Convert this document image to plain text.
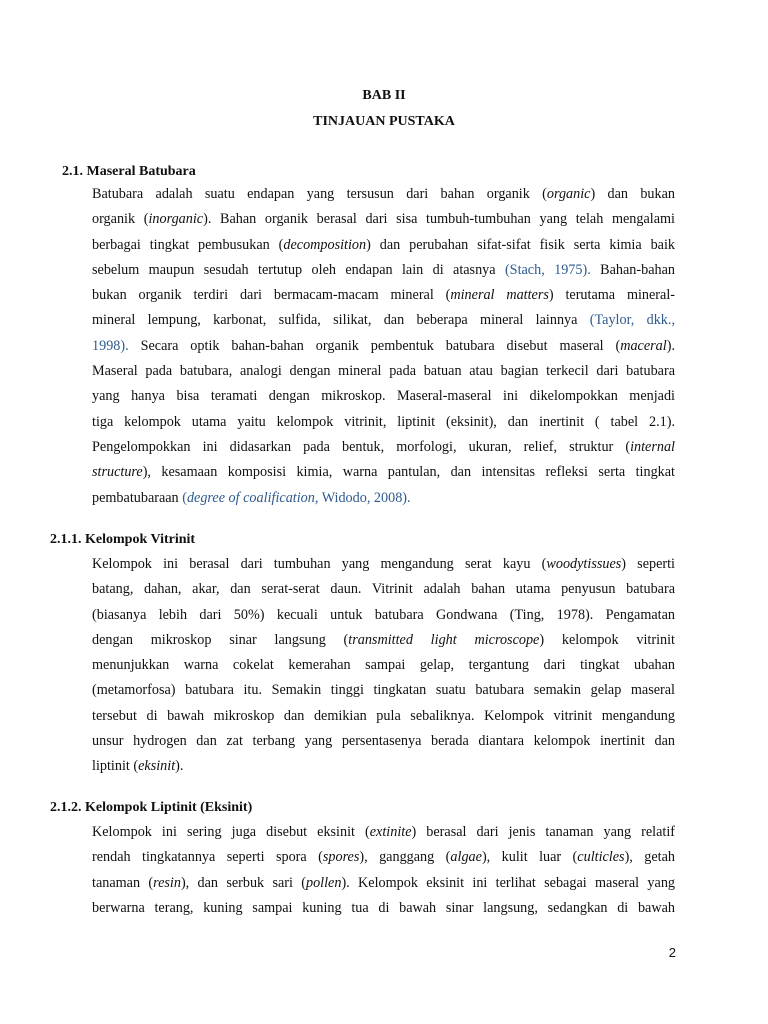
BAB II

TINJAUAN PUSTAKA

2.1. Maseral Batubara

Batubara adalah suatu endapan yang tersusun dari bahan organik (organic) dan bukan
organik (inorganic). Bahan organik berasal dari sisa tumbuh-tumbuhan yang telah mengalami
berbagai tingkat pembusukan (decomposition) dan perubahan sifat-sifat fisik serta kimia baik
sebelum maupun sesudah tertutup oleh endapan lain di atasnya (Stach, 1975). Bahan-bahan
bukan organik terdiri dari bermacam-macam mineral (mineral matters) terutama mineral-
mineral lempung, karbonat, sulfida, silikat, dan beberapa mineral lainnya (Taylor, dkk.,
1998). Secara optik bahan-bahan organik pembentuk batubara disebut maseral (maceral).
Maseral pada batubara, analogi dengan mineral pada batuan atau bagian terkecil dari batubara
yang hanya bisa teramati dengan mikroskop. Maseral-maseral ini dikelompokkan menjadi
tiga kelompok utama yaitu kelompok vitrinit, liptinit (eksinit), dan inertinit ( tabel 2.1).
Pengelompokkan ini didasarkan pada bentuk, morfologi, ukuran, relief, struktur (internal
structure), kesamaan komposisi kimia, warna pantulan, dan intensitas refleksi serta tingkat
pembatubaraan (degree of coalification, Widodo, 2008).

2.1.1. Kelompok Vitrinit

Kelompok ini berasal dari tumbuhan yang mengandung serat kayu (woodytissues) seperti
batang, dahan, akar, dan serat-serat daun. Vitrinit adalah bahan utama penyusun batubara
(biasanya lebih dari 50%) kecuali untuk batubara Gondwana (Ting, 1978). Pengamatan
dengan mikroskop sinar langsung (transmitted light microscope) kelompok vitrinit
menunjukkan warna cokelat kemerahan sampai gelap, tergantung dari tingkat ubahan
(metamorfosa) batubara itu. Semakin tinggi tingkatan suatu batubara semakin gelap maseral
tersebut di bawah mikroskop dan demikian pula sebaliknya. Kelompok vitrinit mengandung
unsur hydrogen dan zat terbang yang persentasenya berada diantara kelompok inertinit dan
liptinit (eksinit).

2.1.2. Kelompok Liptinit (Eksinit)

Kelompok ini sering juga disebut eksinit (extinite) berasal dari jenis tanaman yang relatif
rendah tingkatannya seperti spora (spores), ganggang (algae), kulit luar (culticles), getah
tanaman (resin), dan serbuk sari (pollen). Kelompok eksinit ini terlihat sebagai maseral yang
berwarna terang, kuning sampai kuning tua di bawah sinar langsung, sedangkan di bawah
2
